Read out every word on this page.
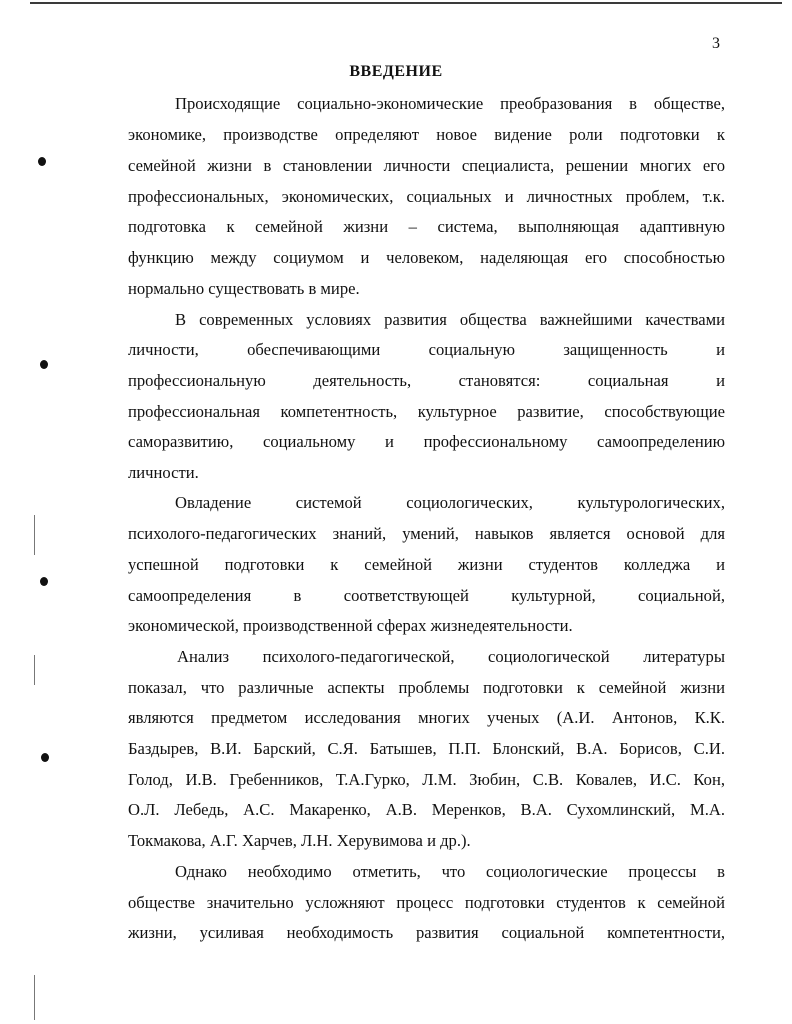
3
ВВЕДЕНИЕ
Происходящие социально-экономические преобразования в обществе,
экономике, производстве определяют новое видение роли подготовки к
семейной жизни в становлении личности специалиста, решении многих его
профессиональных, экономических, социальных и личностных проблем, т.к.
подготовка к семейной жизни – система, выполняющая адаптивную
функцию между социумом и человеком, наделяющая его способностью
нормально существовать в мире.
В современных условиях развития общества важнейшими качествами
личности, обеспечивающими социальную защищенность и
профессиональную деятельность, становятся: социальная и
профессиональная компетентность, культурное развитие, способствующие
саморазвитию, социальному и профессиональному самоопределению
личности.
Овладение системой социологических, культурологических,
психолого-педагогических знаний, умений, навыков является основой для
успешной подготовки к семейной жизни студентов колледжа и
самоопределения в соответствующей культурной, социальной,
экономической, производственной сферах жизнедеятельности.
Анализ психолого-педагогической, социологической литературы
показал, что различные аспекты проблемы подготовки к семейной жизни
являются предметом исследования многих ученых (А.И. Антонов, К.К.
Баздырев, В.И. Барский, С.Я. Батышев, П.П. Блонский, В.А. Борисов, С.И.
Голод, И.В. Гребенников, Т.А.Гурко, Л.М. Зюбин, С.В. Ковалев, И.С. Кон,
О.Л. Лебедь, А.С. Макаренко, А.В. Меренков, В.А. Сухомлинский, М.А.
Токмакова, А.Г. Харчев, Л.Н. Херувимова и др.).
Однако необходимо отметить, что социологические процессы в
обществе значительно усложняют процесс подготовки студентов к семейной
жизни, усиливая необходимость развития социальной компетентности,
